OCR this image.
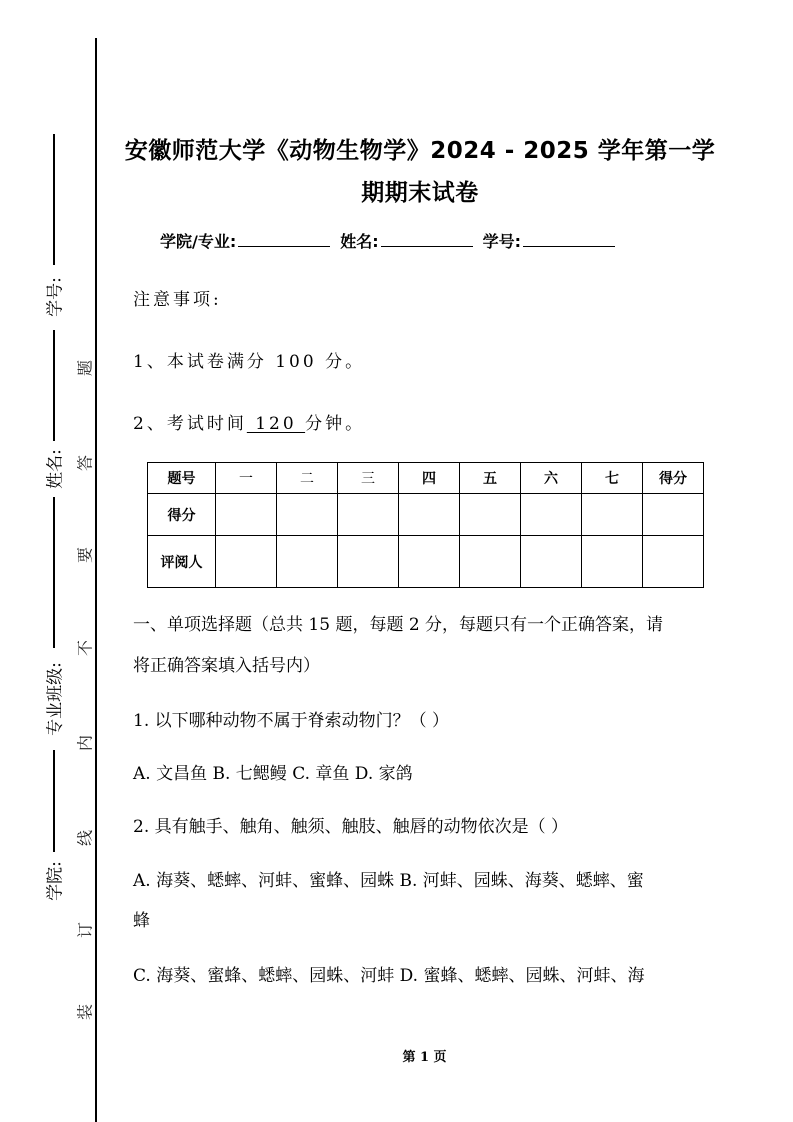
学号:
姓名:
专业班级:
学院:
题
答
要
不
内
线
订
装
安徽师范大学《动物生物学》2024 - 2025 学年第一学
期期末试卷
学院/专业:	姓名:	学号:
注意事项:
1、本试卷满分 100 分。
2、考试时间 120 分钟。
题号	一	二	三	四	五	六	七	得分
得分								
评阅人								
一、单项选择题（总共 15 题，每题 2 分，每题只有一个正确答案，请
将正确答案填入括号内）
1. 以下哪种动物不属于脊索动物门？（ ）
A. 文昌鱼 B. 七鳃鳗 C. 章鱼 D. 家鸽
2. 具有触手、触角、触须、触肢、触唇的动物依次是（ ）
A. 海葵、蟋蟀、河蚌、蜜蜂、园蛛 B. 河蚌、园蛛、海葵、蟋蟀、蜜
蜂
C. 海葵、蜜蜂、蟋蟀、园蛛、河蚌 D. 蜜蜂、蟋蟀、园蛛、河蚌、海
第 1 页
